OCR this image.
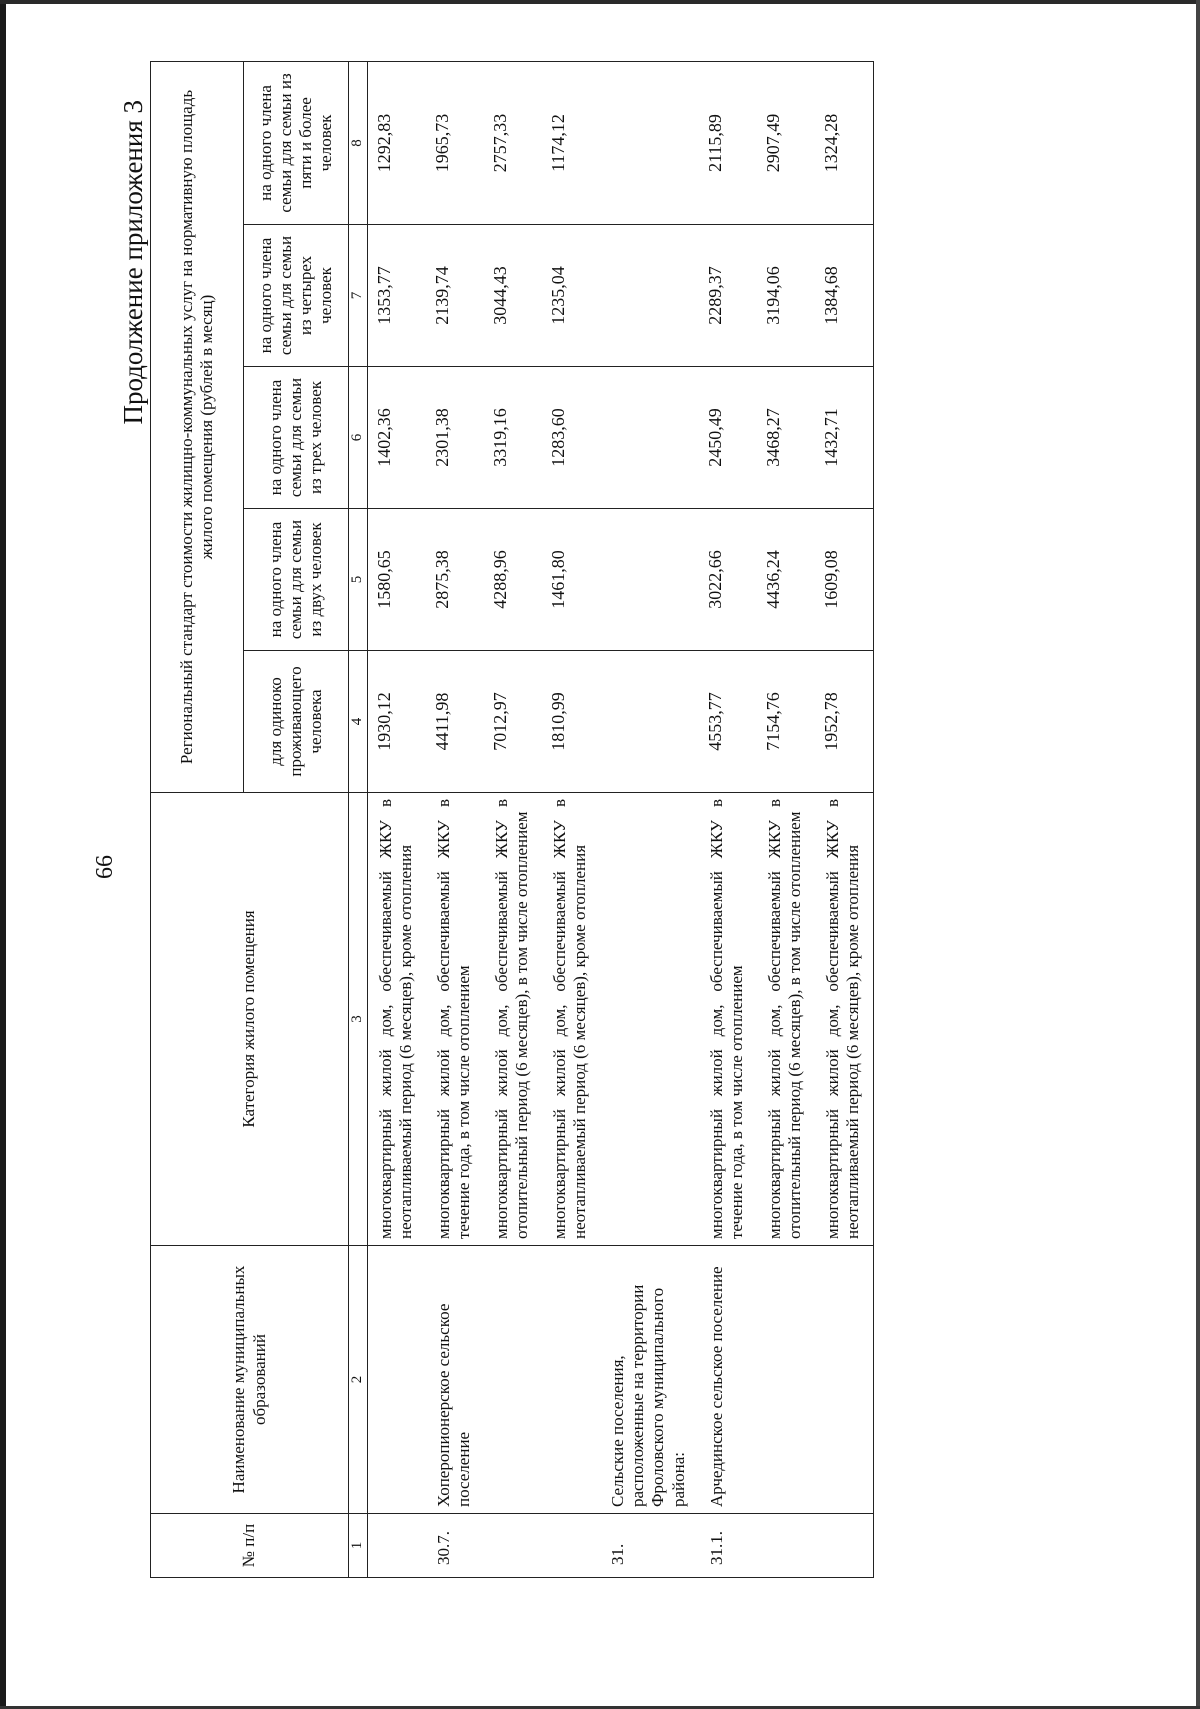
66
Продолжение приложения 3
№ п/п	Наименование муниципальных образований	Категория жилого помещения	Региональный стандарт стоимости жилищно-коммунальных услуг на нормативную площадь жилого помещения (рублей в месяц)				
			для одиноко проживающего человека	на одного члена семьи для семьи из двух человек	на одного члена семьи для семьи из трех человек	на одного члена семьи для семьи из четырех человек	на одного члена семьи для семьи из пяти и более человек
1	2	3	4	5	6	7	8
		многоквартирный жилой дом, обеспечиваемый ЖКУ в неотапливаемый период (6 месяцев), кроме отопления	1930,12	1580,65	1402,36	1353,77	1292,83
30.7.	Хоперопионерское сельское поселение	многоквартирный жилой дом, обеспечиваемый ЖКУ в течение года, в том числе отоплением	4411,98	2875,38	2301,38	2139,74	1965,73
		многоквартирный жилой дом, обеспечиваемый ЖКУ в отопительный период (6 месяцев), в том числе отоплением	7012,97	4288,96	3319,16	3044,43	2757,33
		многоквартирный жилой дом, обеспечиваемый ЖКУ в неотапливаемый период (6 месяцев), кроме отопления	1810,99	1461,80	1283,60	1235,04	1174,12
31.	Сельские поселения, расположенные на территории Фроловского муниципального района:						
31.1.	Арчединское сельское поселение	многоквартирный жилой дом, обеспечиваемый ЖКУ в течение года, в том числе отоплением	4553,77	3022,66	2450,49	2289,37	2115,89
		многоквартирный жилой дом, обеспечиваемый ЖКУ в отопительный период (6 месяцев), в том числе отоплением	7154,76	4436,24	3468,27	3194,06	2907,49
		многоквартирный жилой дом, обеспечиваемый ЖКУ в неотапливаемый период (6 месяцев), кроме отопления	1952,78	1609,08	1432,71	1384,68	1324,28
